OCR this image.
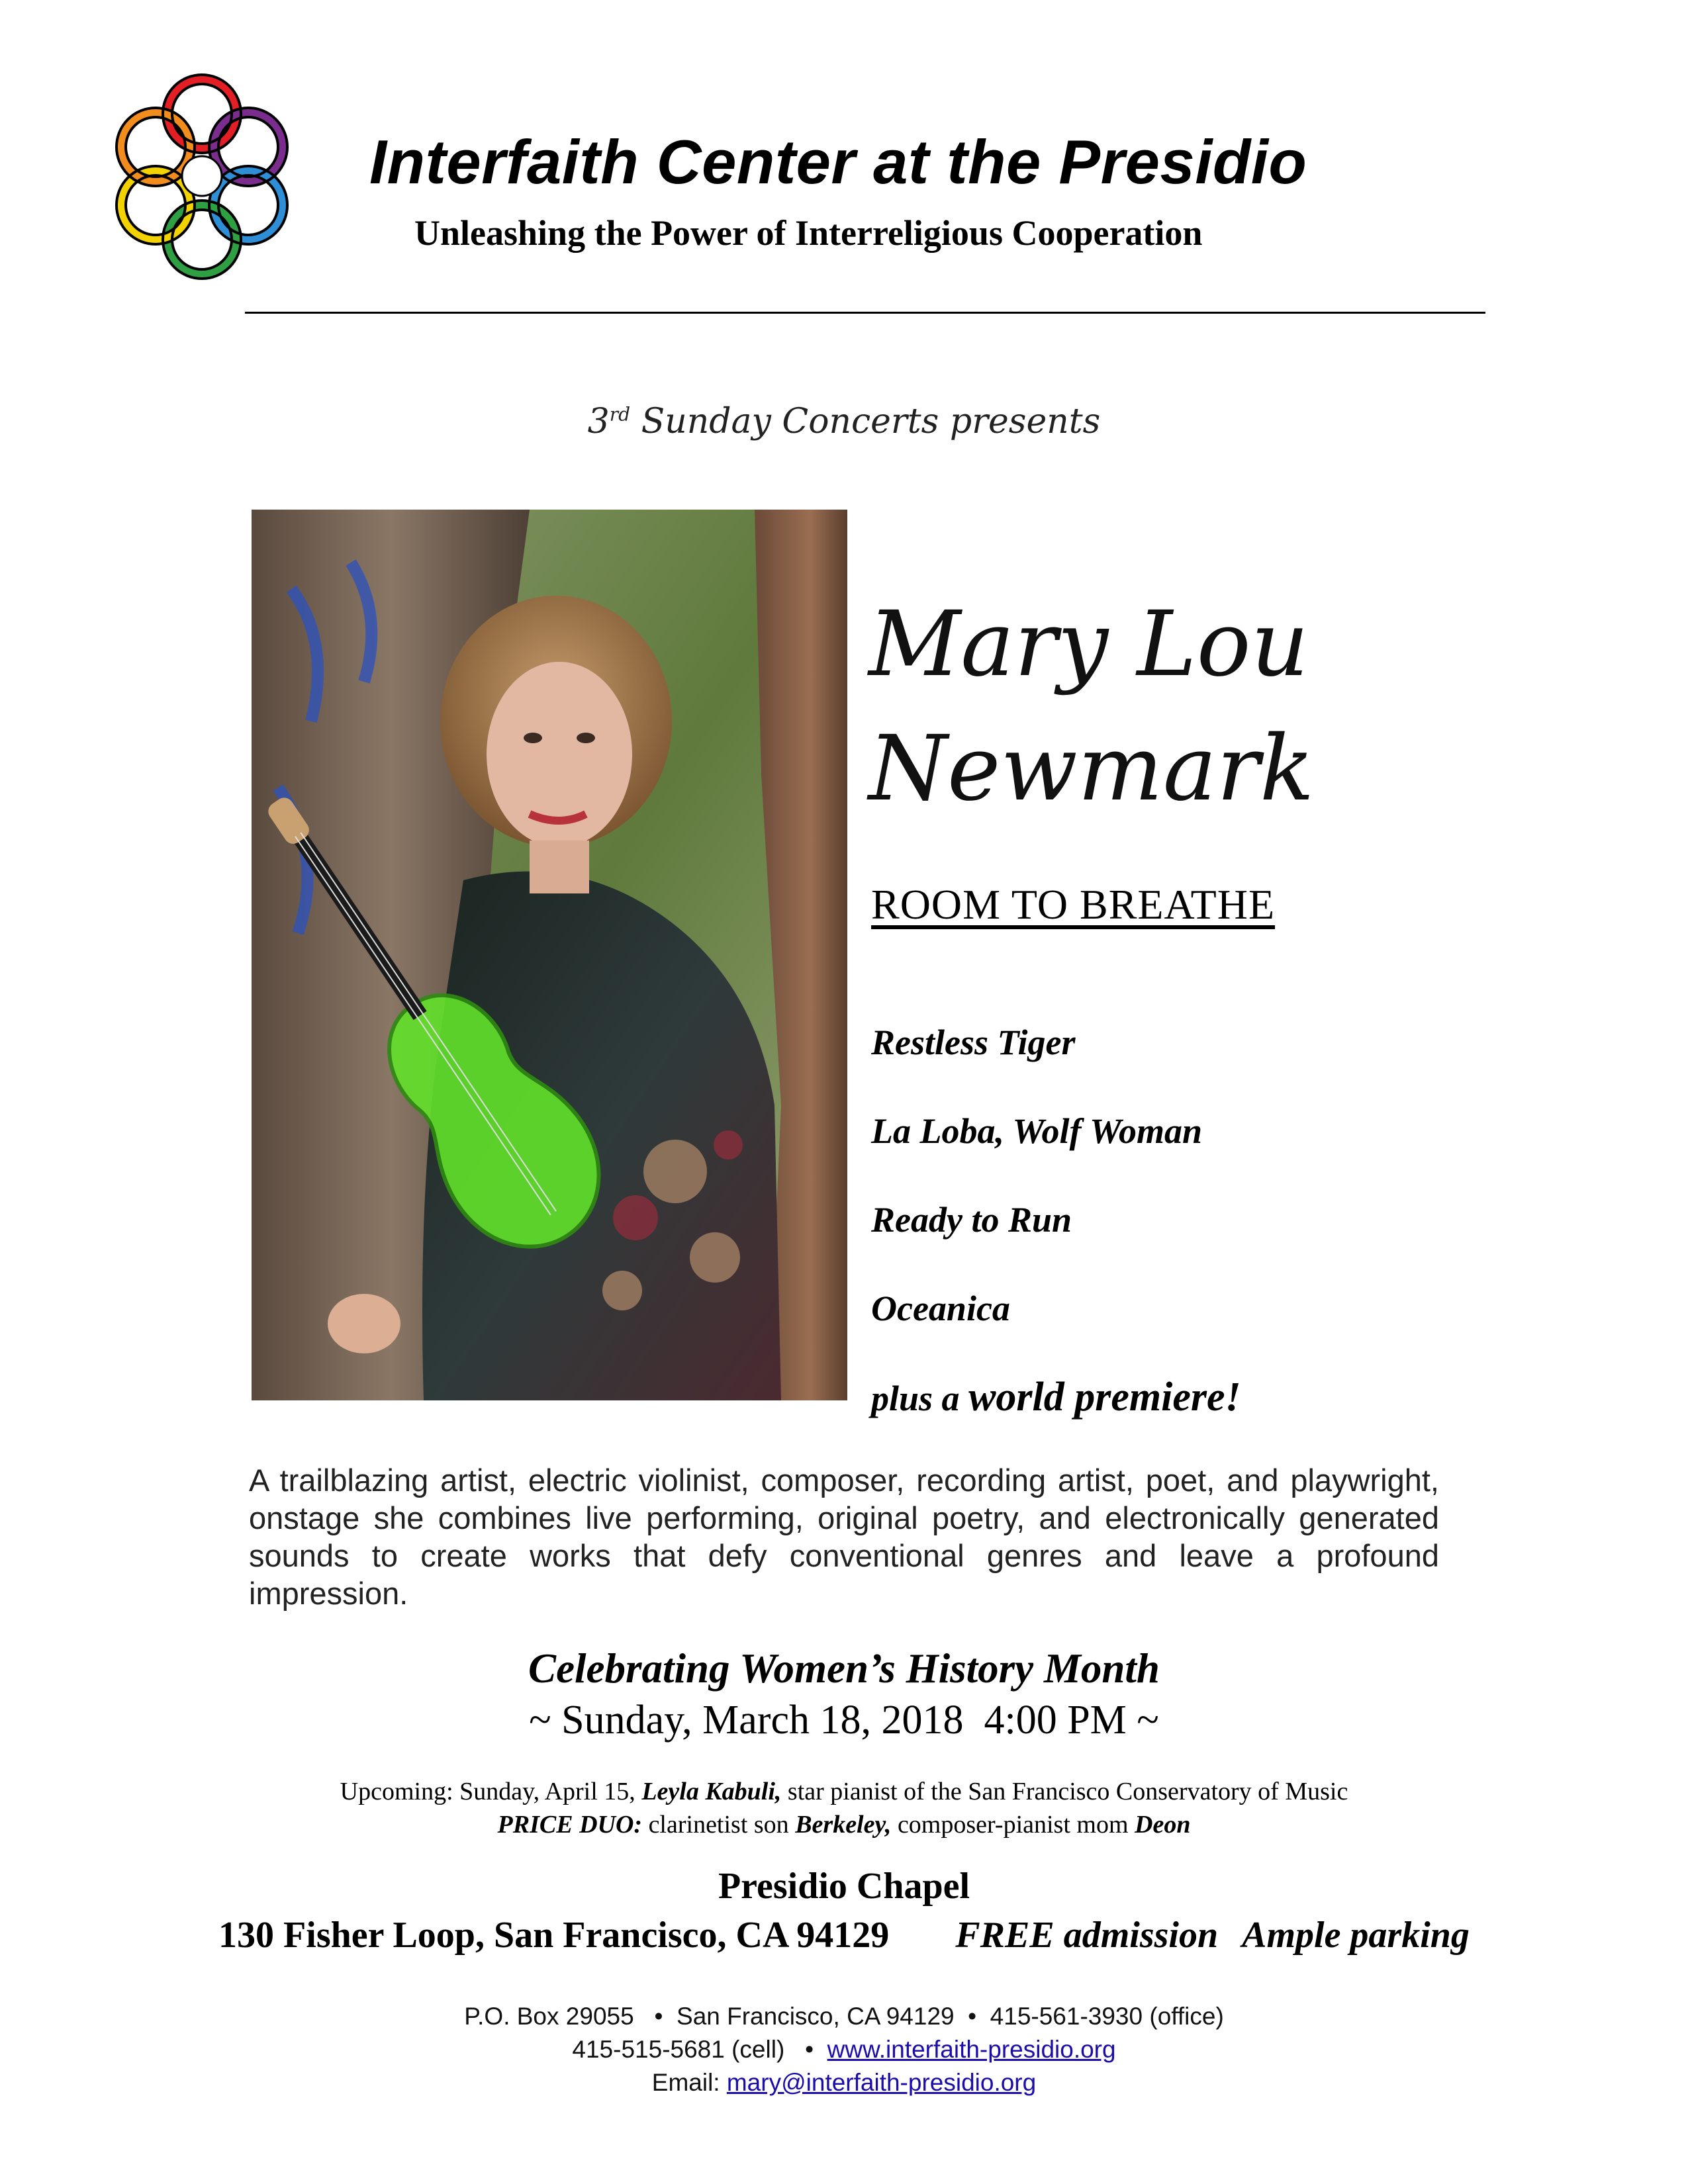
Interfaith Center at the Presidio
Unleashing the Power of Interreligious Cooperation
3rd Sunday Concerts presents
Mary Lou
Newmark
ROOM TO BREATHE
Restless Tiger
La Loba, Wolf Woman
Ready to Run
Oceanica
plus a world premiere!
A trailblazing artist, electric violinist, composer, recording artist, poet, and playwright, onstage she combines live performing, original poetry, and electronically generated sounds to create works that defy conventional genres and leave a profound impression.
Celebrating Women’s History Month
~ Sunday, March 18, 2018  4:00 PM ~
Upcoming: Sunday, April 15, Leyla Kabuli, star pianist of the San Francisco Conservatory of Music
PRICE DUO: clarinetist son Berkeley, composer-pianist mom Deon
Presidio Chapel
130 Fisher Loop, San Francisco, CA 94129 FREE admission Ample parking
P.O. Box 29055   •  San Francisco, CA 94129  •  415-561-3930 (office)
415-515-5681 (cell)   •  www.interfaith-presidio.org
Email: mary@interfaith-presidio.org
